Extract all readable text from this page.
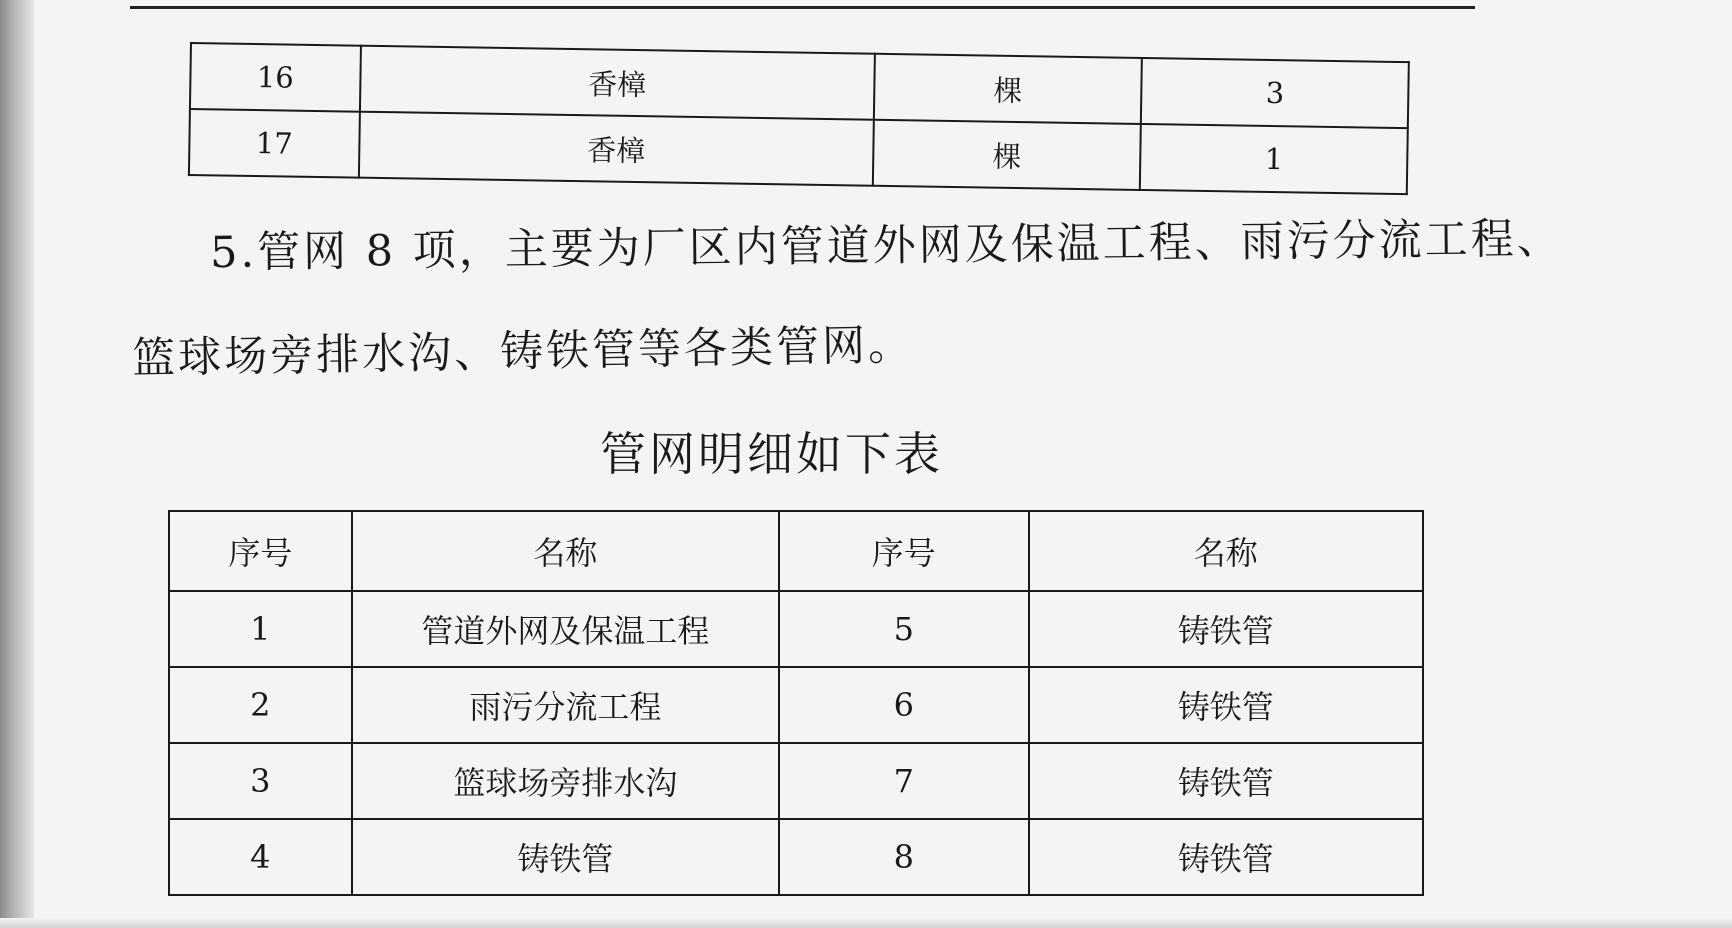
16	香樟	棵	3
17	香樟	棵	1
5.管网 8 项，主要为厂区内管道外网及保温工程、雨污分流工程、
篮球场旁排水沟、铸铁管等各类管网。
管网明细如下表
序号	名称	序号	名称
1	管道外网及保温工程	5	铸铁管
2	雨污分流工程	6	铸铁管
3	篮球场旁排水沟	7	铸铁管
4	铸铁管	8	铸铁管
